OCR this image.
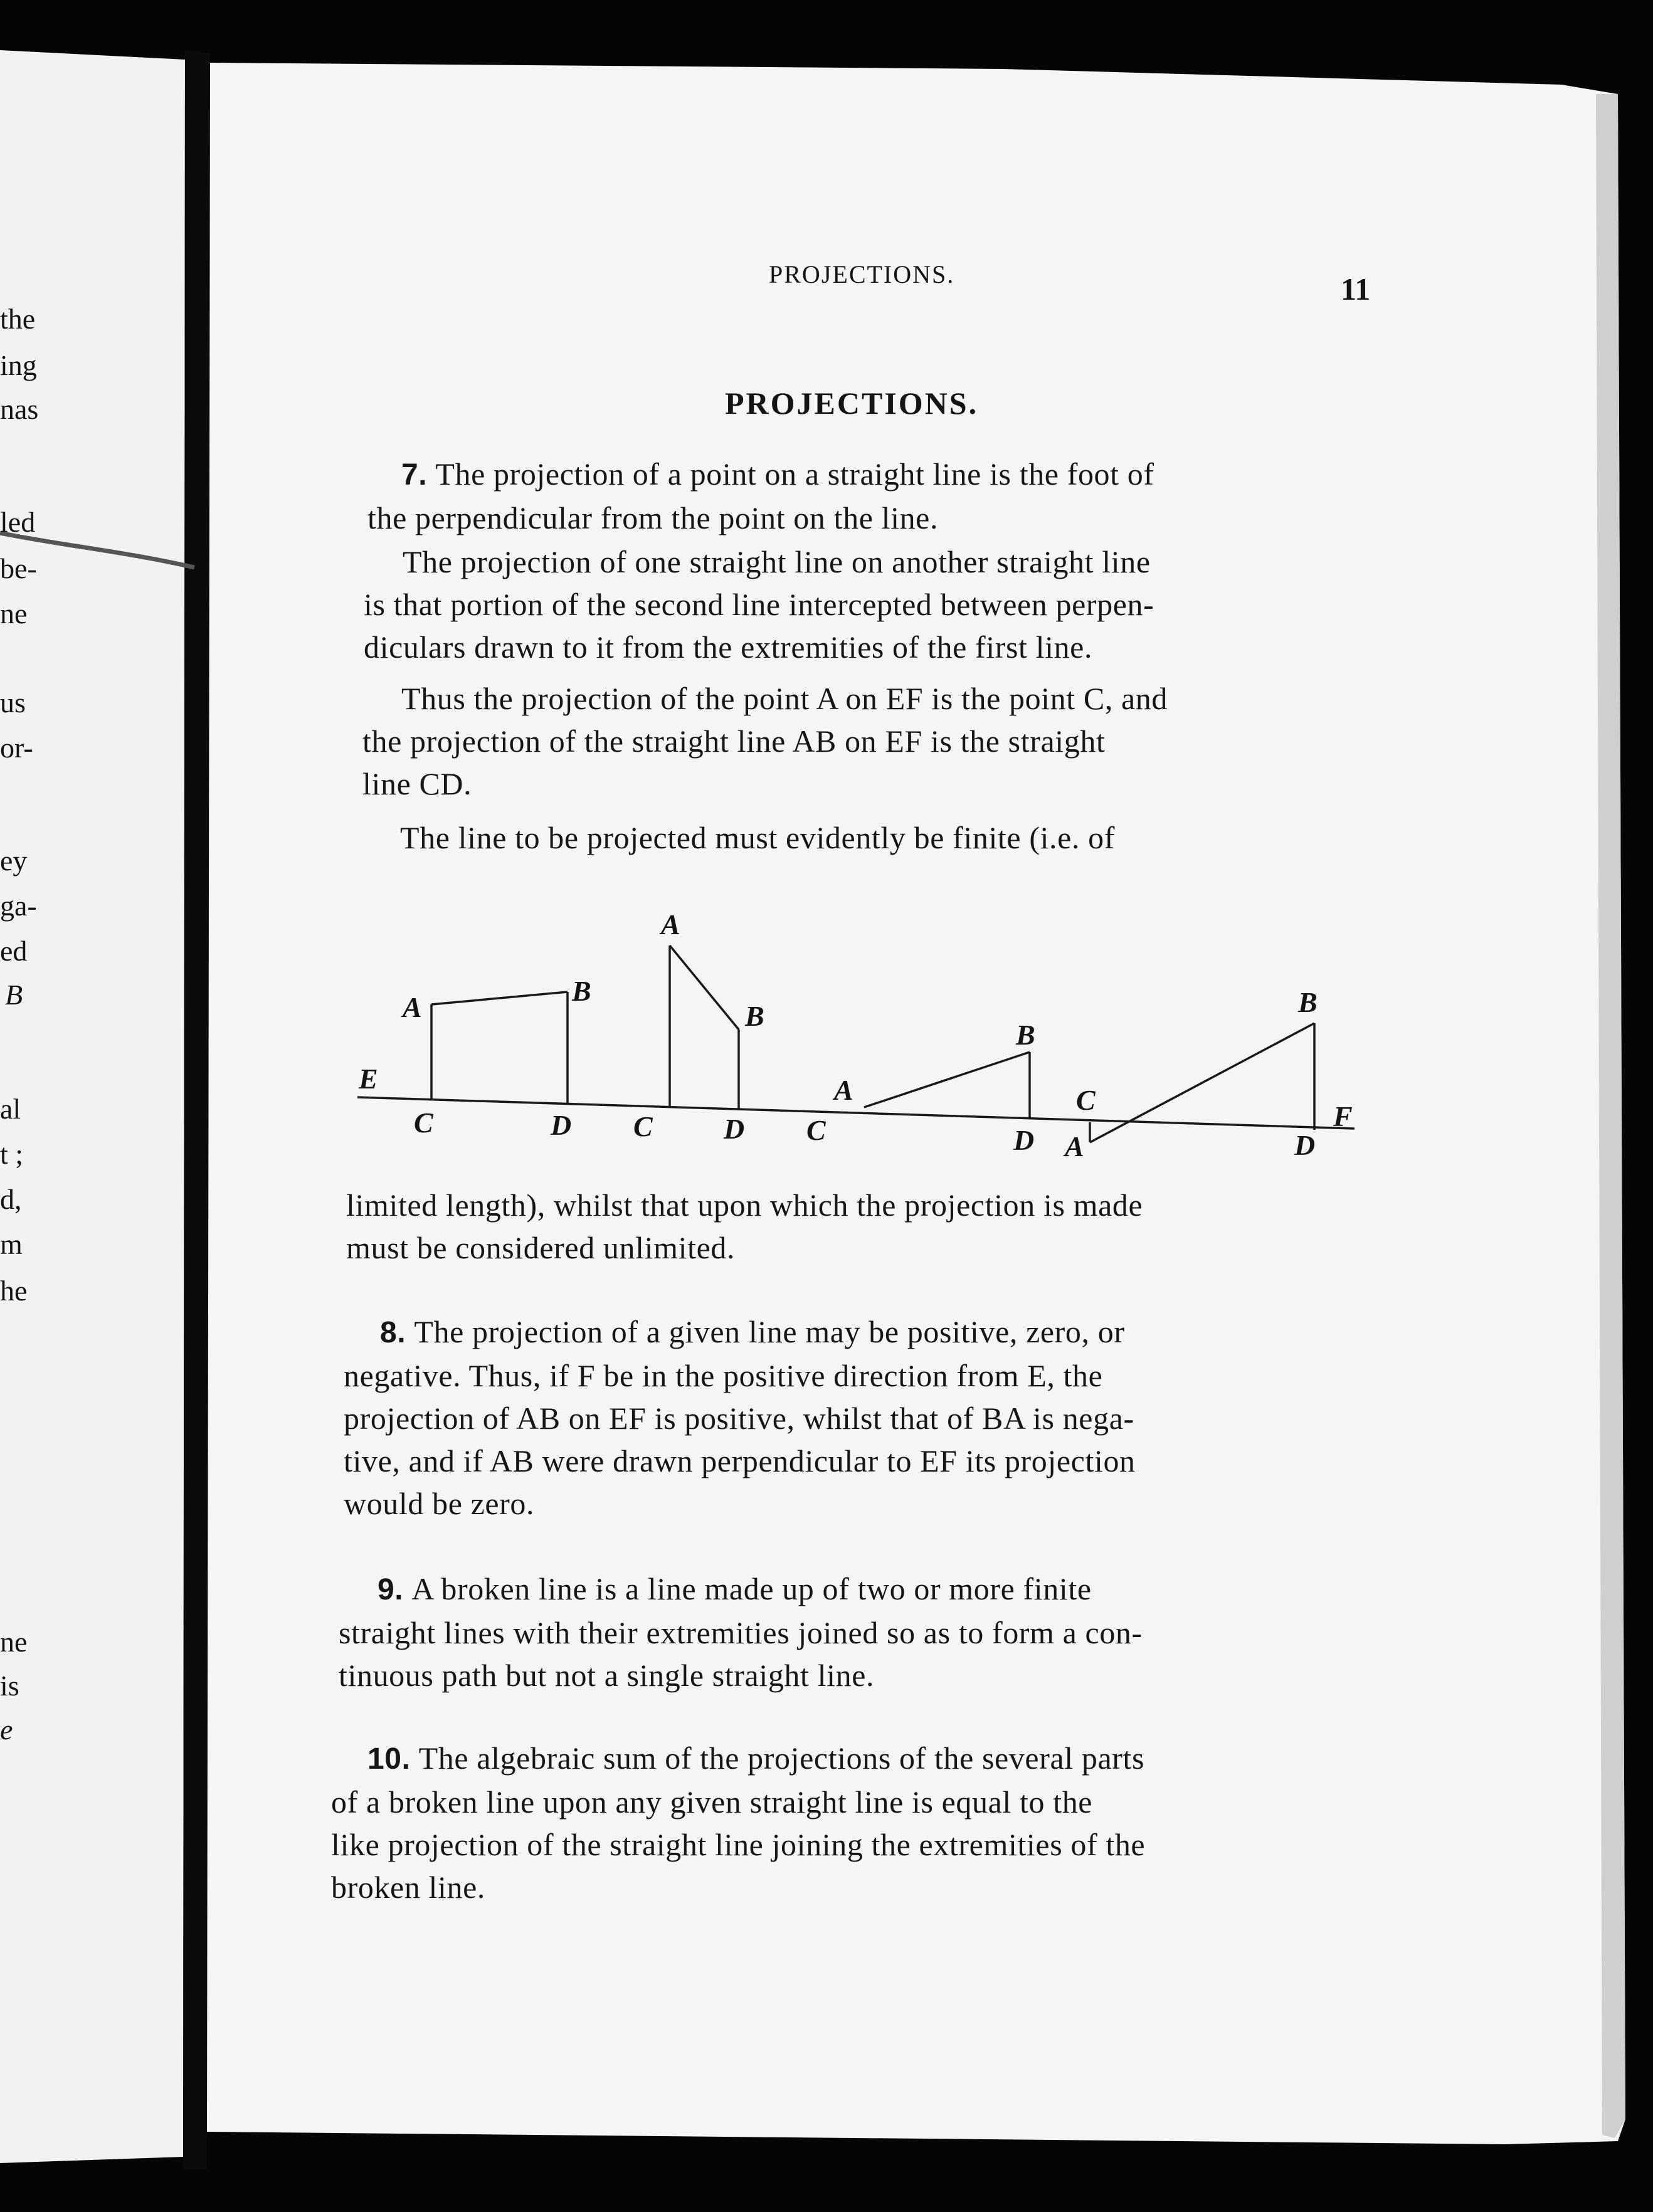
the
ing
nas
led
be-
ne
us
or-
ey
ga-
ed
B
al
t ;
d,
m
he
ne
is
e
PROJECTIONS.	11
PROJECTIONS.
7. The projection of a point on a straight line is the foot of
the perpendicular from the point on the line.
The projection of one straight line on another straight line
is that portion of the second line intercepted between perpen-
diculars drawn to it from the extremities of the first line.
Thus the projection of the point A on EF is the point C, and
the projection of the straight line AB on EF is the straight
line CD.
The line to be projected must evidently be finite (i.e. of
E
F
A
B
C	D
A
B
C D
A
B
C	D A
B
C
D
limited length), whilst that upon which the projection is made
must be considered unlimited.
8. The projection of a given line may be positive, zero, or
negative. Thus, if F be in the positive direction from E, the
projection of AB on EF is positive, whilst that of BA is nega-
tive, and if AB were drawn perpendicular to EF its projection
would be zero.
9. A broken line is a line made up of two or more finite
straight lines with their extremities joined so as to form a con-
tinuous path but not a single straight line.
10. The algebraic sum of the projections of the several parts
of a broken line upon any given straight line is equal to the
like projection of the straight line joining the extremities of the
broken line.
